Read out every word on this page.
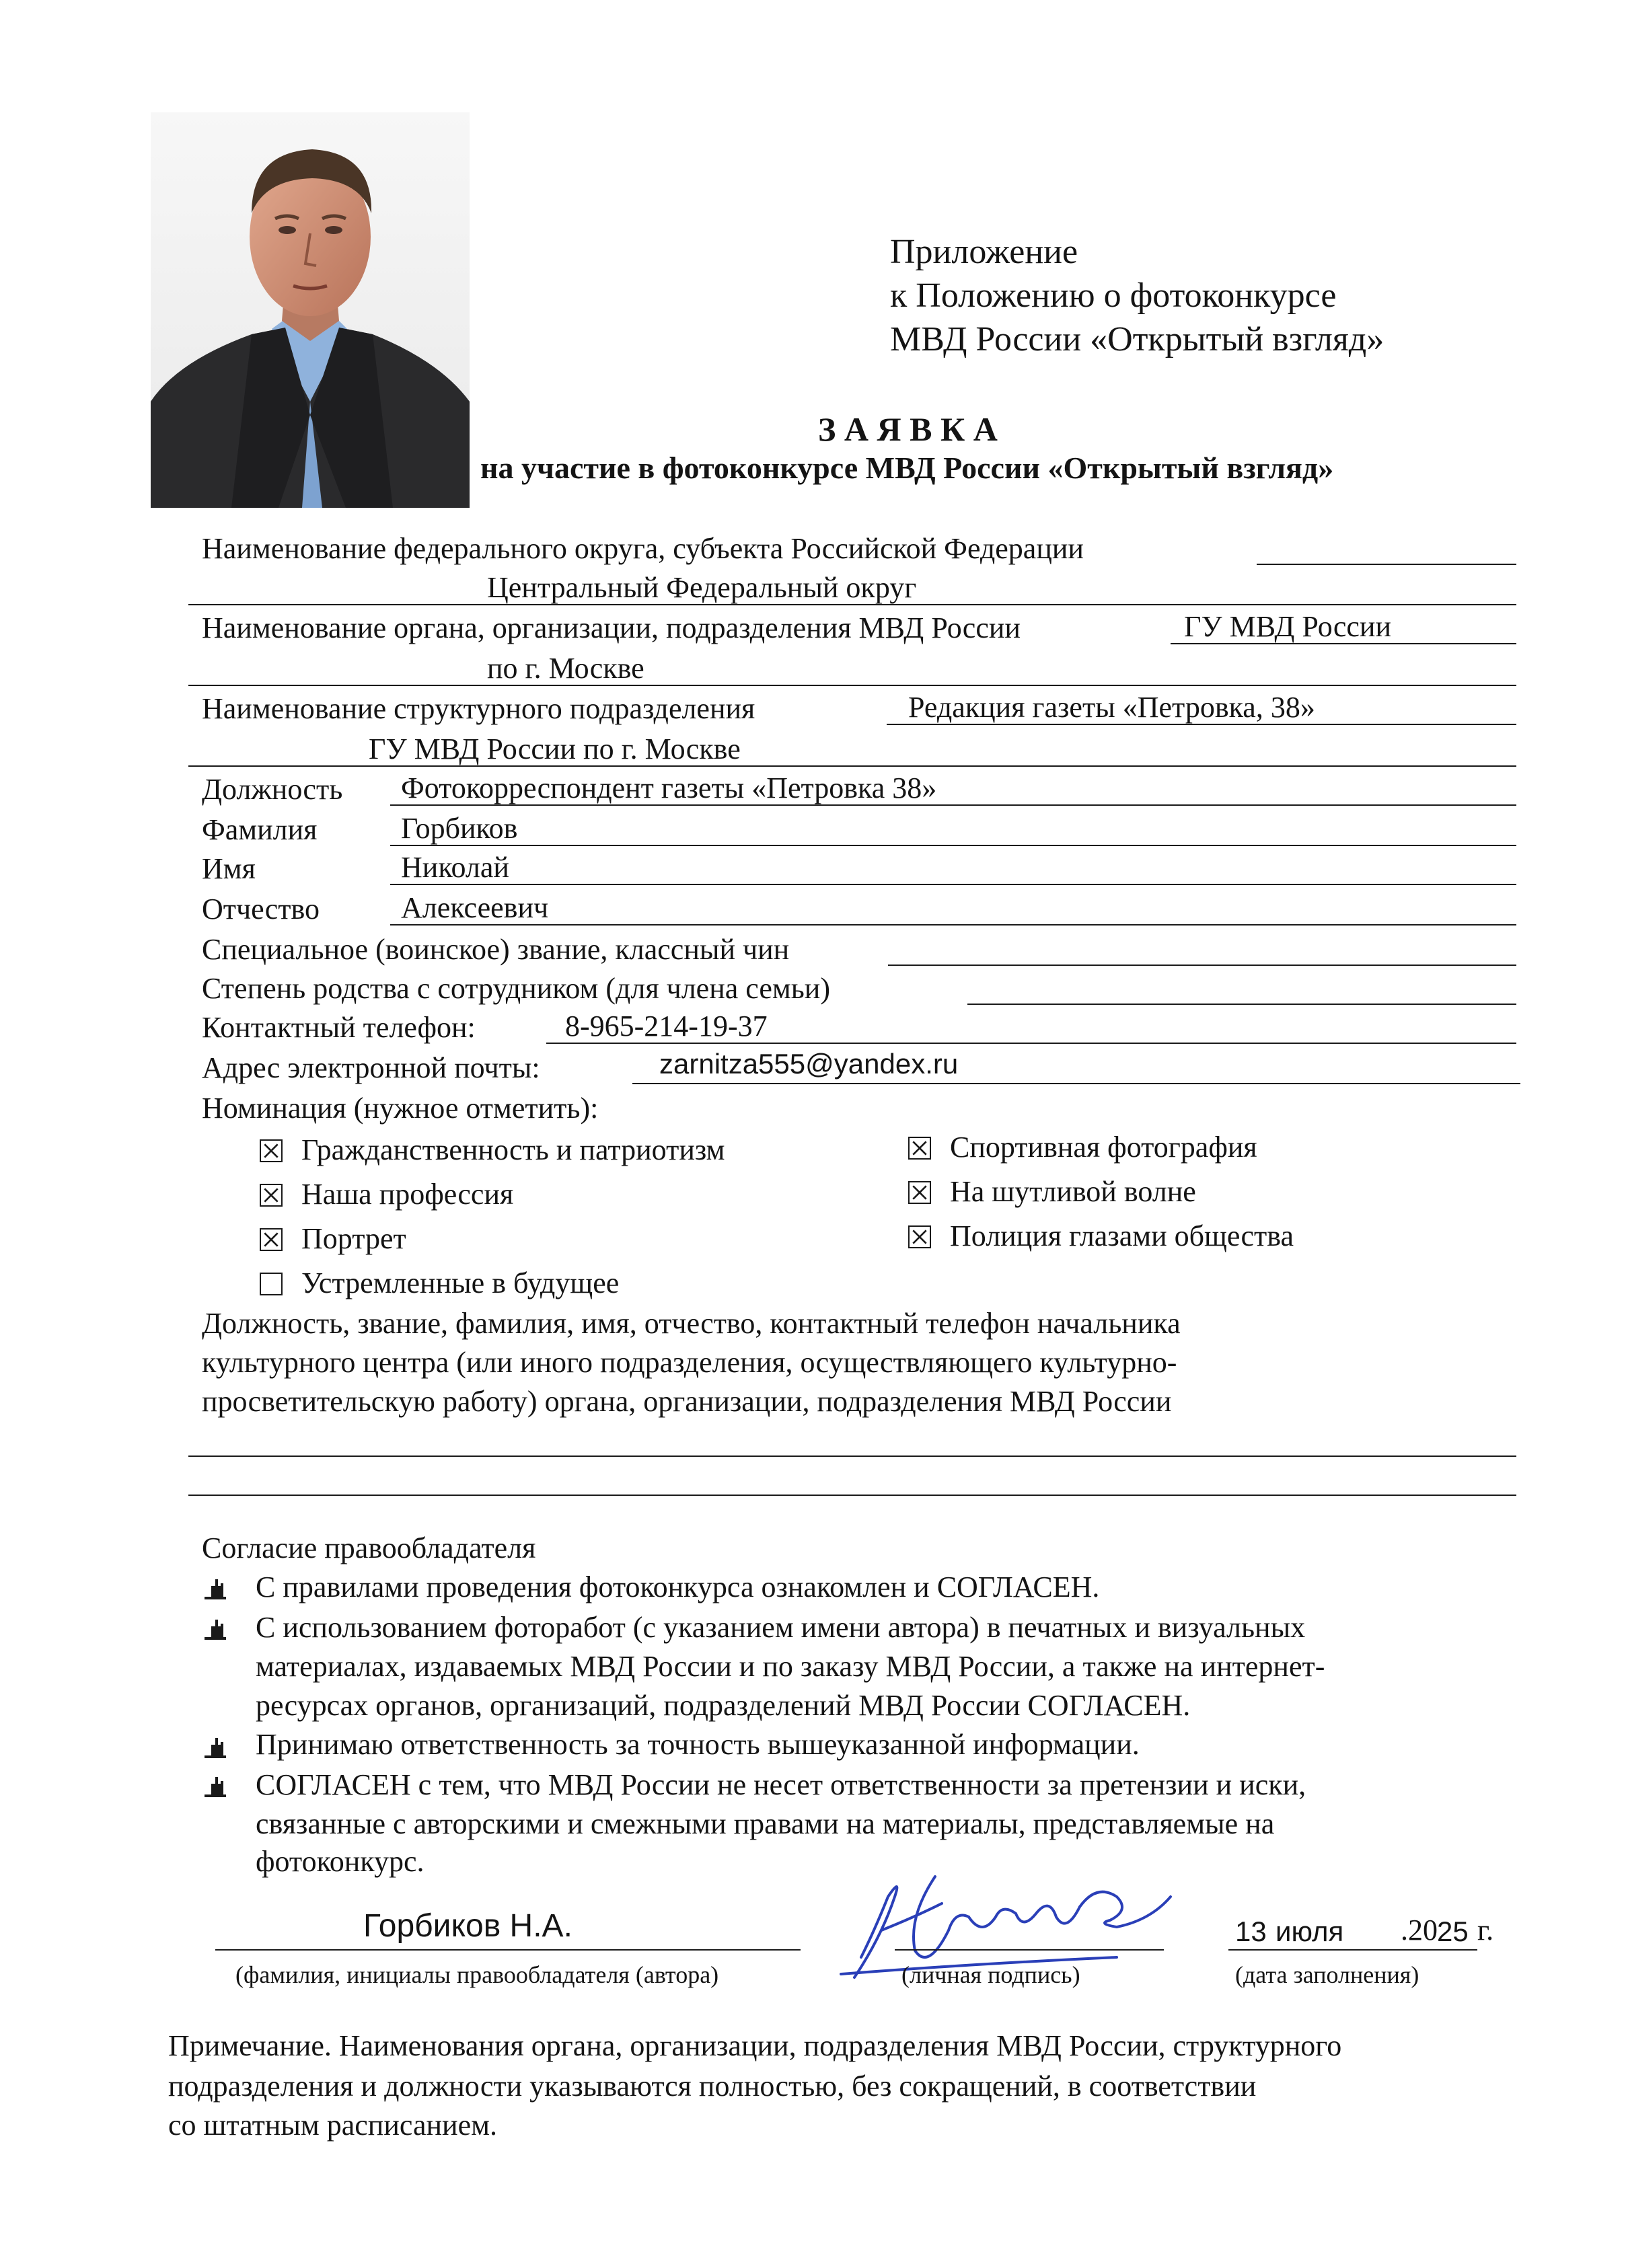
Приложение
к Положению о фотоконкурсе
МВД России «Открытый взгляд»
З А Я В К А
на участие в фотоконкурсе МВД России «Открытый взгляд»
Наименование федерального округа, субъекта Российской Федерации
Центральный Федеральный округ
Наименование органа, организации, подразделения МВД России	ГУ МВД России
по г. Москве
Наименование структурного подразделения	Редакция газеты «Петровка, 38»
ГУ МВД России по г. Москве
Должность Фотокорреспондент газеты «Петровка 38»
Фамилия	Горбиков
Имя	Николай
Отчество	Алексеевич
Специальное (воинское) звание, классный чин
Степень родства с сотрудником (для члена семьи)
Контактный телефон:	8-965-214-19-37
Адрес электронной почты:	zarnitza555@yandex.ru
Номинация (нужное отметить):
Гражданственность и патриотизм
Наша профессия
Портрет
Устремленные в будущее
Спортивная фотография
На шутливой волне
Полиция глазами общества
Должность, звание, фамилия, имя, отчество, контактный телефон начальника
культурного центра (или иного подразделения, осуществляющего культурно-
просветительскую работу) органа, организации, подразделения МВД России
Согласие правообладателя
С правилами проведения фотоконкурса ознакомлен и СОГЛАСЕН.
С использованием фоторабот (с указанием имени автора) в печатных и визуальных
материалах, издаваемых МВД России и по заказу МВД России, а также на интернет-
ресурсах органов, организаций, подразделений МВД России СОГЛАСЕН.
Принимаю ответственность за точность вышеуказанной информации.
СОГЛАСЕН с тем, что МВД России не несет ответственности за претензии и иски,
связанные с авторскими и смежными правами на материалы, представляемые на
фотоконкурс.
Горбиков Н.А.
(фамилия, инициалы правообладателя (автора)	(личная подпись)
13 июля .20 25 г.
(дата заполнения)
Примечание. Наименования органа, организации, подразделения МВД России, структурного
подразделения и должности указываются полностью, без сокращений, в соответствии
со штатным расписанием.
